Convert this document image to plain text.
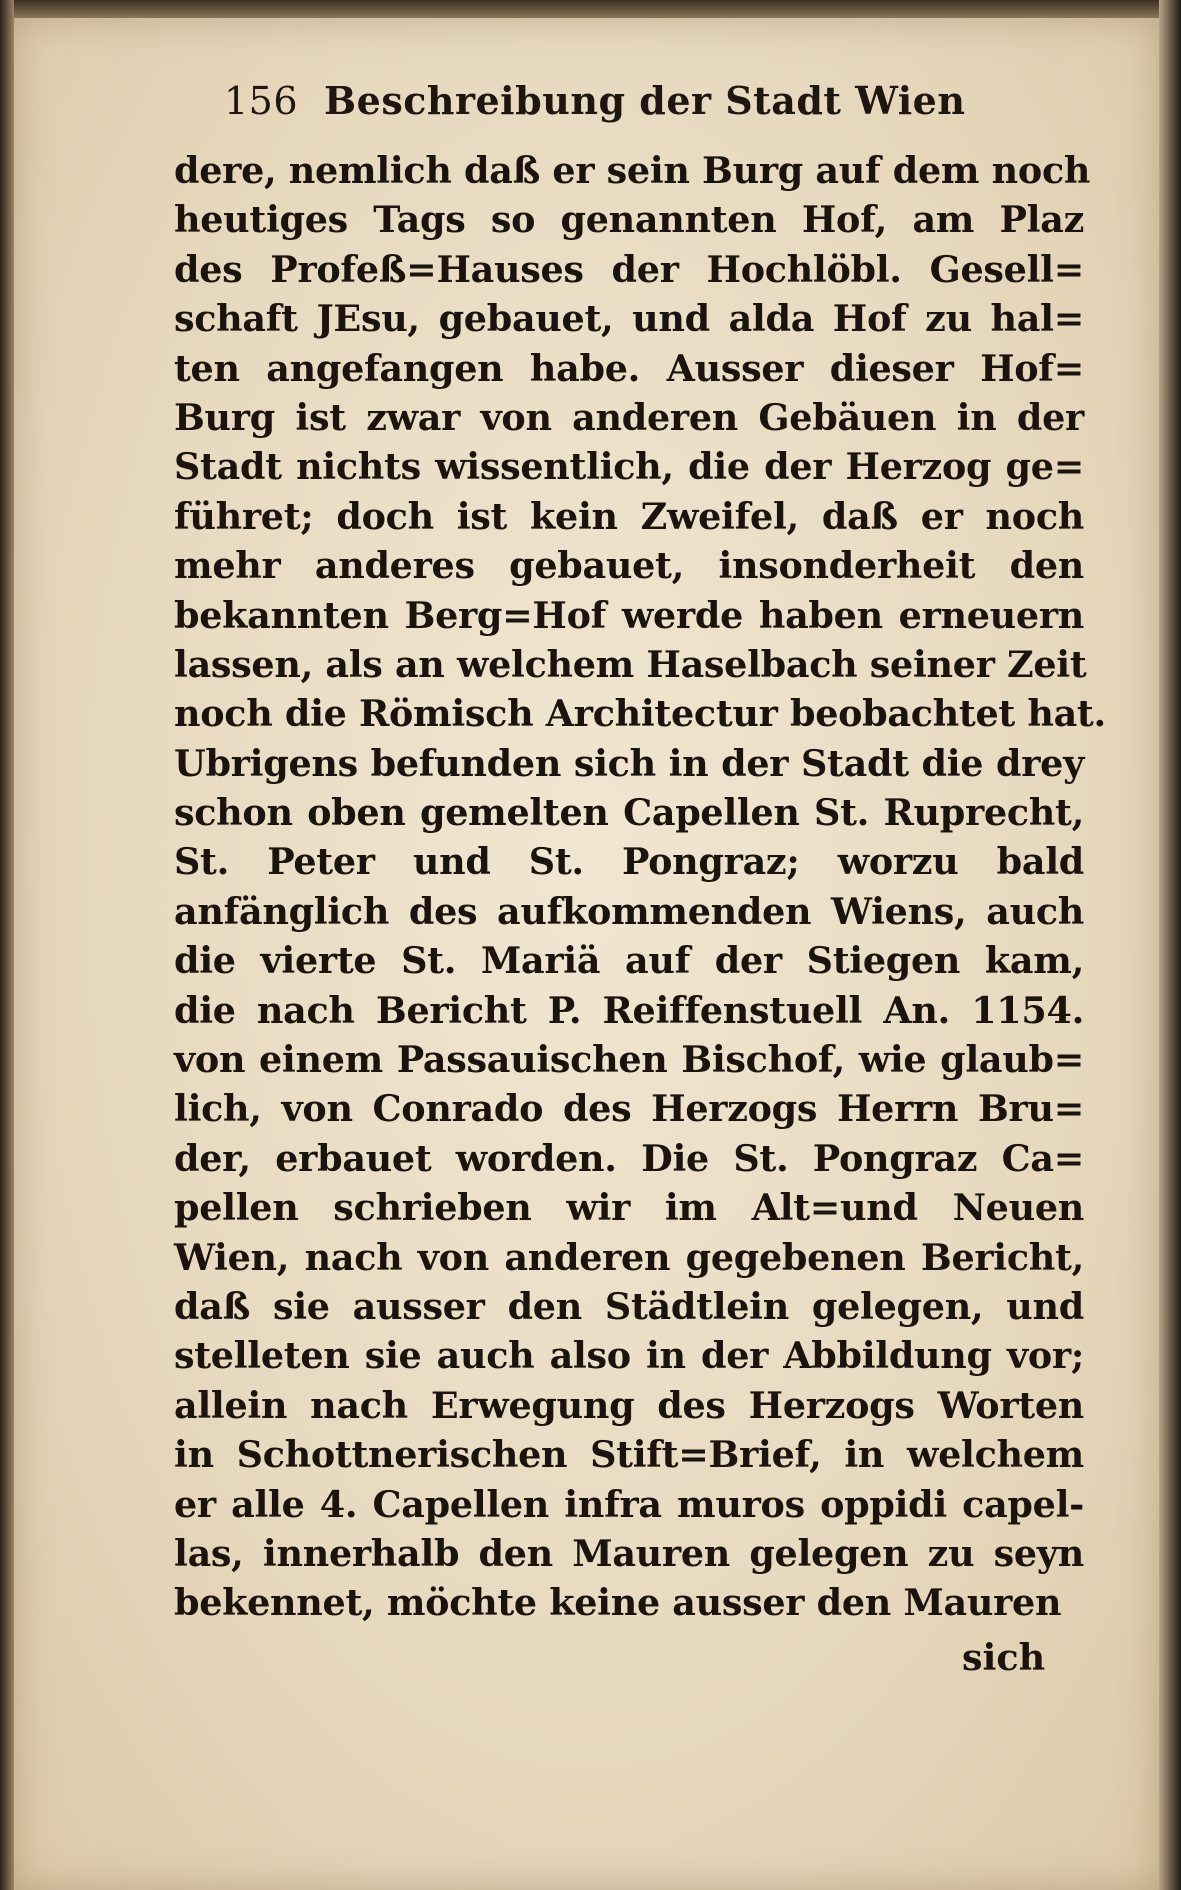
156 Beschreibung der Stadt Wien
dere, nemlich daß er sein Burg auf dem noch
heutiges Tags so genannten Hof, am Plaz
des Profeß=Hauses der Hochlöbl. Gesell=
schaft JEsu, gebauet, und alda Hof zu hal=
ten angefangen habe. Ausser dieser Hof=
Burg ist zwar von anderen Gebäuen in der
Stadt nichts wissentlich, die der Herzog ge=
führet; doch ist kein Zweifel, daß er noch
mehr anderes gebauet, insonderheit den
bekannten Berg=Hof werde haben erneuern
lassen, als an welchem Haselbach seiner Zeit
noch die Römisch Architectur beobachtet hat.
Ubrigens befunden sich in der Stadt die drey
schon oben gemelten Capellen St. Ruprecht,
St. Peter und St. Pongraz; worzu bald
anfänglich des aufkommenden Wiens, auch
die vierte St. Mariä auf der Stiegen kam,
die nach Bericht P. Reiffenstuell An. 1154.
von einem Passauischen Bischof, wie glaub=
lich, von Conrado des Herzogs Herrn Bru=
der, erbauet worden. Die St. Pongraz Ca=
pellen schrieben wir im Alt=und Neuen
Wien, nach von anderen gegebenen Bericht,
daß sie ausser den Städtlein gelegen, und
stelleten sie auch also in der Abbildung vor;
allein nach Erwegung des Herzogs Worten
in Schottnerischen Stift=Brief, in welchem
er alle 4. Capellen infra muros oppidi capel-
las, innerhalb den Mauren gelegen zu seyn
bekennet, möchte keine ausser den Mauren
sich
